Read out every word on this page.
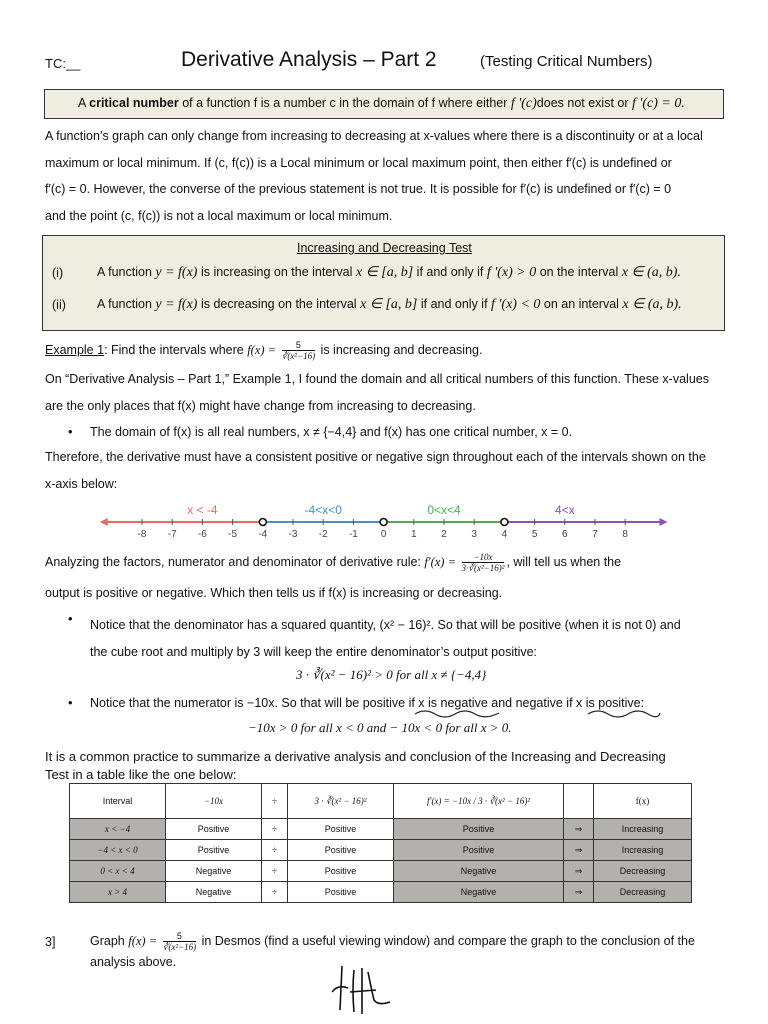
TC:__	Derivative Analysis – Part 2	(Testing Critical Numbers)
A critical number of a function f is a number c in the domain of f where either f '(c)does not exist or f '(c) = 0.
A function’s graph can only change from increasing to decreasing at x-values where there is a discontinuity or at a local
maximum or local minimum. If (c, f(c)) is a Local minimum or local maximum point, then either f′(c) is undefined or
f′(c) = 0. However, the converse of the previous statement is not true. It is possible for f′(c) is undefined or f′(c) = 0
and the point (c, f(c)) is not a local maximum or local minimum.
Increasing and Decreasing Test
(i)	A function y = f(x) is increasing on the interval x ∈ [a, b] if and only if f '(x) > 0 on the interval x ∈ (a, b).
(ii) A function y = f(x) is decreasing on the interval x ∈ [a, b] if and only if f '(x) < 0 on an interval x ∈ (a, b).
Example 1: Find the intervals where $f(x) = \frac{5}{\text{∛(x²−16)}}$ is increasing and decreasing.
On “Derivative Analysis – Part 1,” Example 1, I found the domain and all critical numbers of this function. These x-values
are the only places that f(x) might have change from increasing to decreasing.
• The domain of f(x) is all real numbers, x ≠ {−4,4} and f(x) has one critical number, x = 0.
Therefore, the derivative must have a consistent positive or negative sign throughout each of the intervals shown on the
x-axis below:
x < -4	-4<x<0	0<x<4	4<x
-8 -7 -6 -5 -4 -3 -2 -1 0 1 2 3 4 5 6 7 8
Analyzing the factors, numerator and denominator of derivative rule: $f'(x) = \frac{-10x}{\text{3·∛(x²−16)²}}$ , will tell us when the
output is positive or negative. Which then tells us if f(x) is increasing or decreasing.
• Notice that the denominator has a squared quantity, (x² − 16)². So that will be positive (when it is not 0) and
the cube root and multiply by 3 will keep the entire denominator’s output positive:
3 · ∛(x² − 16)² > 0 for all x ≠ {−4,4}
• Notice that the numerator is −10x. So that will be positive if x is negative and negative if x is positive:
−10x > 0 for all x < 0 and − 10x < 0 for all x > 0.
It is a common practice to summarize a derivative analysis and conclusion of the Increasing and Decreasing
Test in a table like the one below:
Interval	−10x	÷	3 · ∛(x² − 16)²	f′(x) = −10x / 3 · ∛(x² − 16)²		f(x)
x < −4	Positive	÷	Positive	Positive	⇒	Increasing
−4 < x < 0	Positive	÷	Positive	Positive	⇒	Increasing
0 < x < 4	Negative	÷	Positive	Negative	⇒	Decreasing
x > 4	Negative	÷	Positive	Negative	⇒	Decreasing
3]	Graph $f(x) = \frac{5}{\text{∛(x²−16)}}$ in Desmos (find a useful viewing window) and compare the graph to the conclusion of the
analysis above.
